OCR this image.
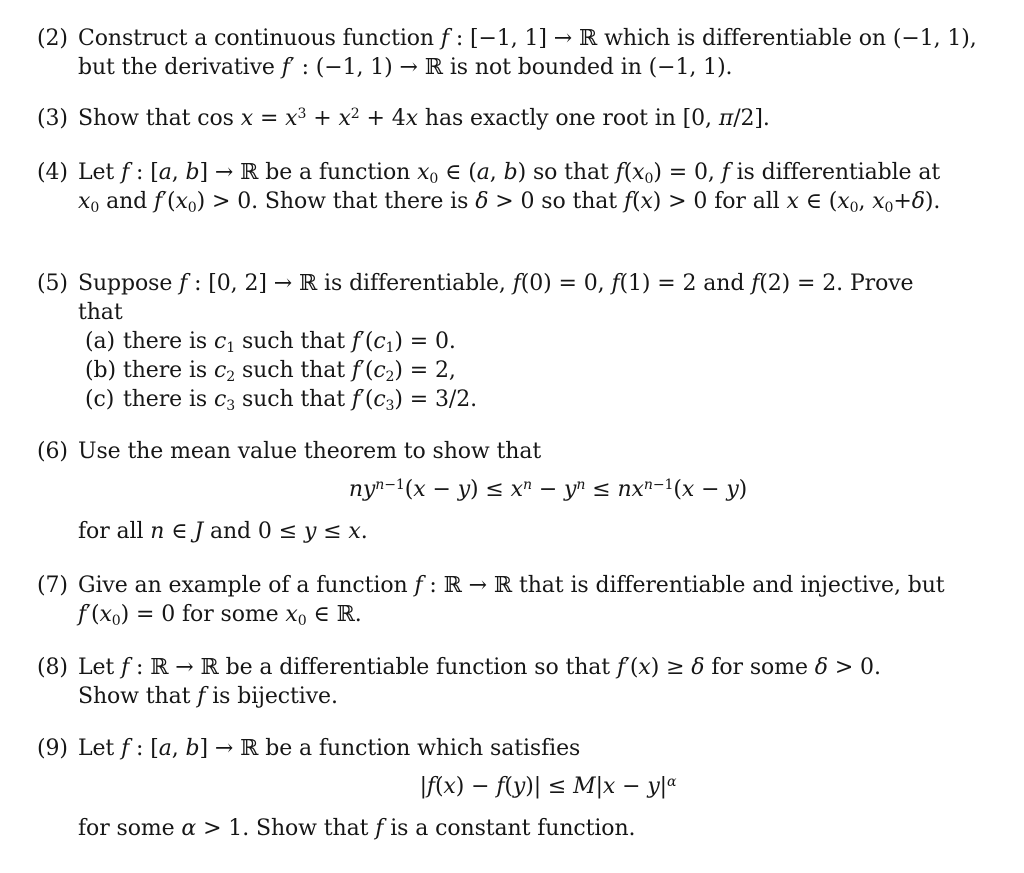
(2) Construct a continuous function f : [−1, 1] → ℝ which is differentiable on (−1, 1),
but the derivative f′ : (−1, 1) → ℝ is not bounded in (−1, 1).
(3) Show that $\cos x = x^3 + x^2 + 4x$ has exactly one root in [0, π/2].
(4) Let f : [a, b] → ℝ be a function x0 ∈ (a, b) so that f(x0) = 0, f is differentiable at
x0 and f′(x0) > 0. Show that there is δ > 0 so that f(x) > 0 for all x ∈ (x0, x0+δ).
(5) Suppose f : [0, 2] → ℝ is differentiable, f(0) = 0, f(1) = 2 and f(2) = 2. Prove
that
(a) there is c1 such that f′(c1) = 0.
(b) there is c2 such that f′(c2) = 2,
(c) there is c3 such that f′(c3) = 3/2.
(6) Use the mean value theorem to show that
$ny^{n-1}(x - y) \le x^n - y^n \le nx^{n-1}(x - y)$
for all n ∈ J and 0 ≤ y ≤ x.
(7) Give an example of a function f : ℝ → ℝ that is differentiable and injective, but
f′(x0) = 0 for some x0 ∈ ℝ.
(8) Let f : ℝ → ℝ be a differentiable function so that f′(x) ≥ δ for some δ > 0.
Show that f is bijective.
(9) Let f : [a, b] → ℝ be a function which satisfies
$|f(x) - f(y)| \le M|x - y|^\alpha$
for some α > 1. Show that f is a constant function.
